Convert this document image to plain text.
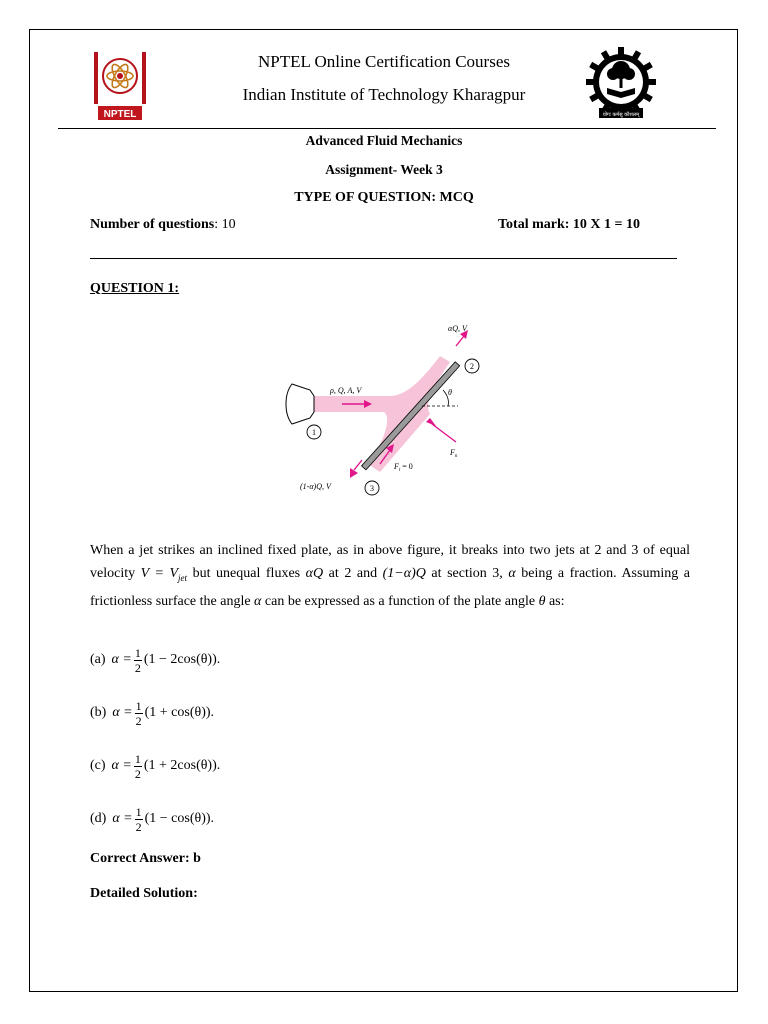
NPTEL
NPTEL Online Certification Courses
Indian Institute of Technology Kharagpur
योगः कर्मसु कौशलम्
Advanced Fluid Mechanics
Assignment- Week 3
TYPE OF QUESTION: MCQ
Number of questions: 10	Total mark: 10 X 1 = 10
QUESTION 1:
1
2
3
αQ, V
ρ, Q, A, V
(1-α)Q, V
θ
$F_n$
$F_t = 0$
When a jet strikes an inclined fixed plate, as in above figure, it breaks into two jets at 2 and 3 of equal velocity $V = V_{jet}$ but unequal fluxes αQ at 2 and (1−α)Q at section 3, α being a fraction. Assuming a frictionless surface the angle α can be expressed as a function of the plate angle θ as:
(a) $\alpha = \frac{1}{2} (1 - 2\cos(\theta))$.
(b) $\alpha = \frac{1}{2} (1 + \cos(\theta))$.
(c) $\alpha = \frac{1}{2} (1 + 2\cos(\theta))$.
(d) $\alpha = \frac{1}{2} (1 - \cos(\theta))$.
Correct Answer: b
Detailed Solution:
